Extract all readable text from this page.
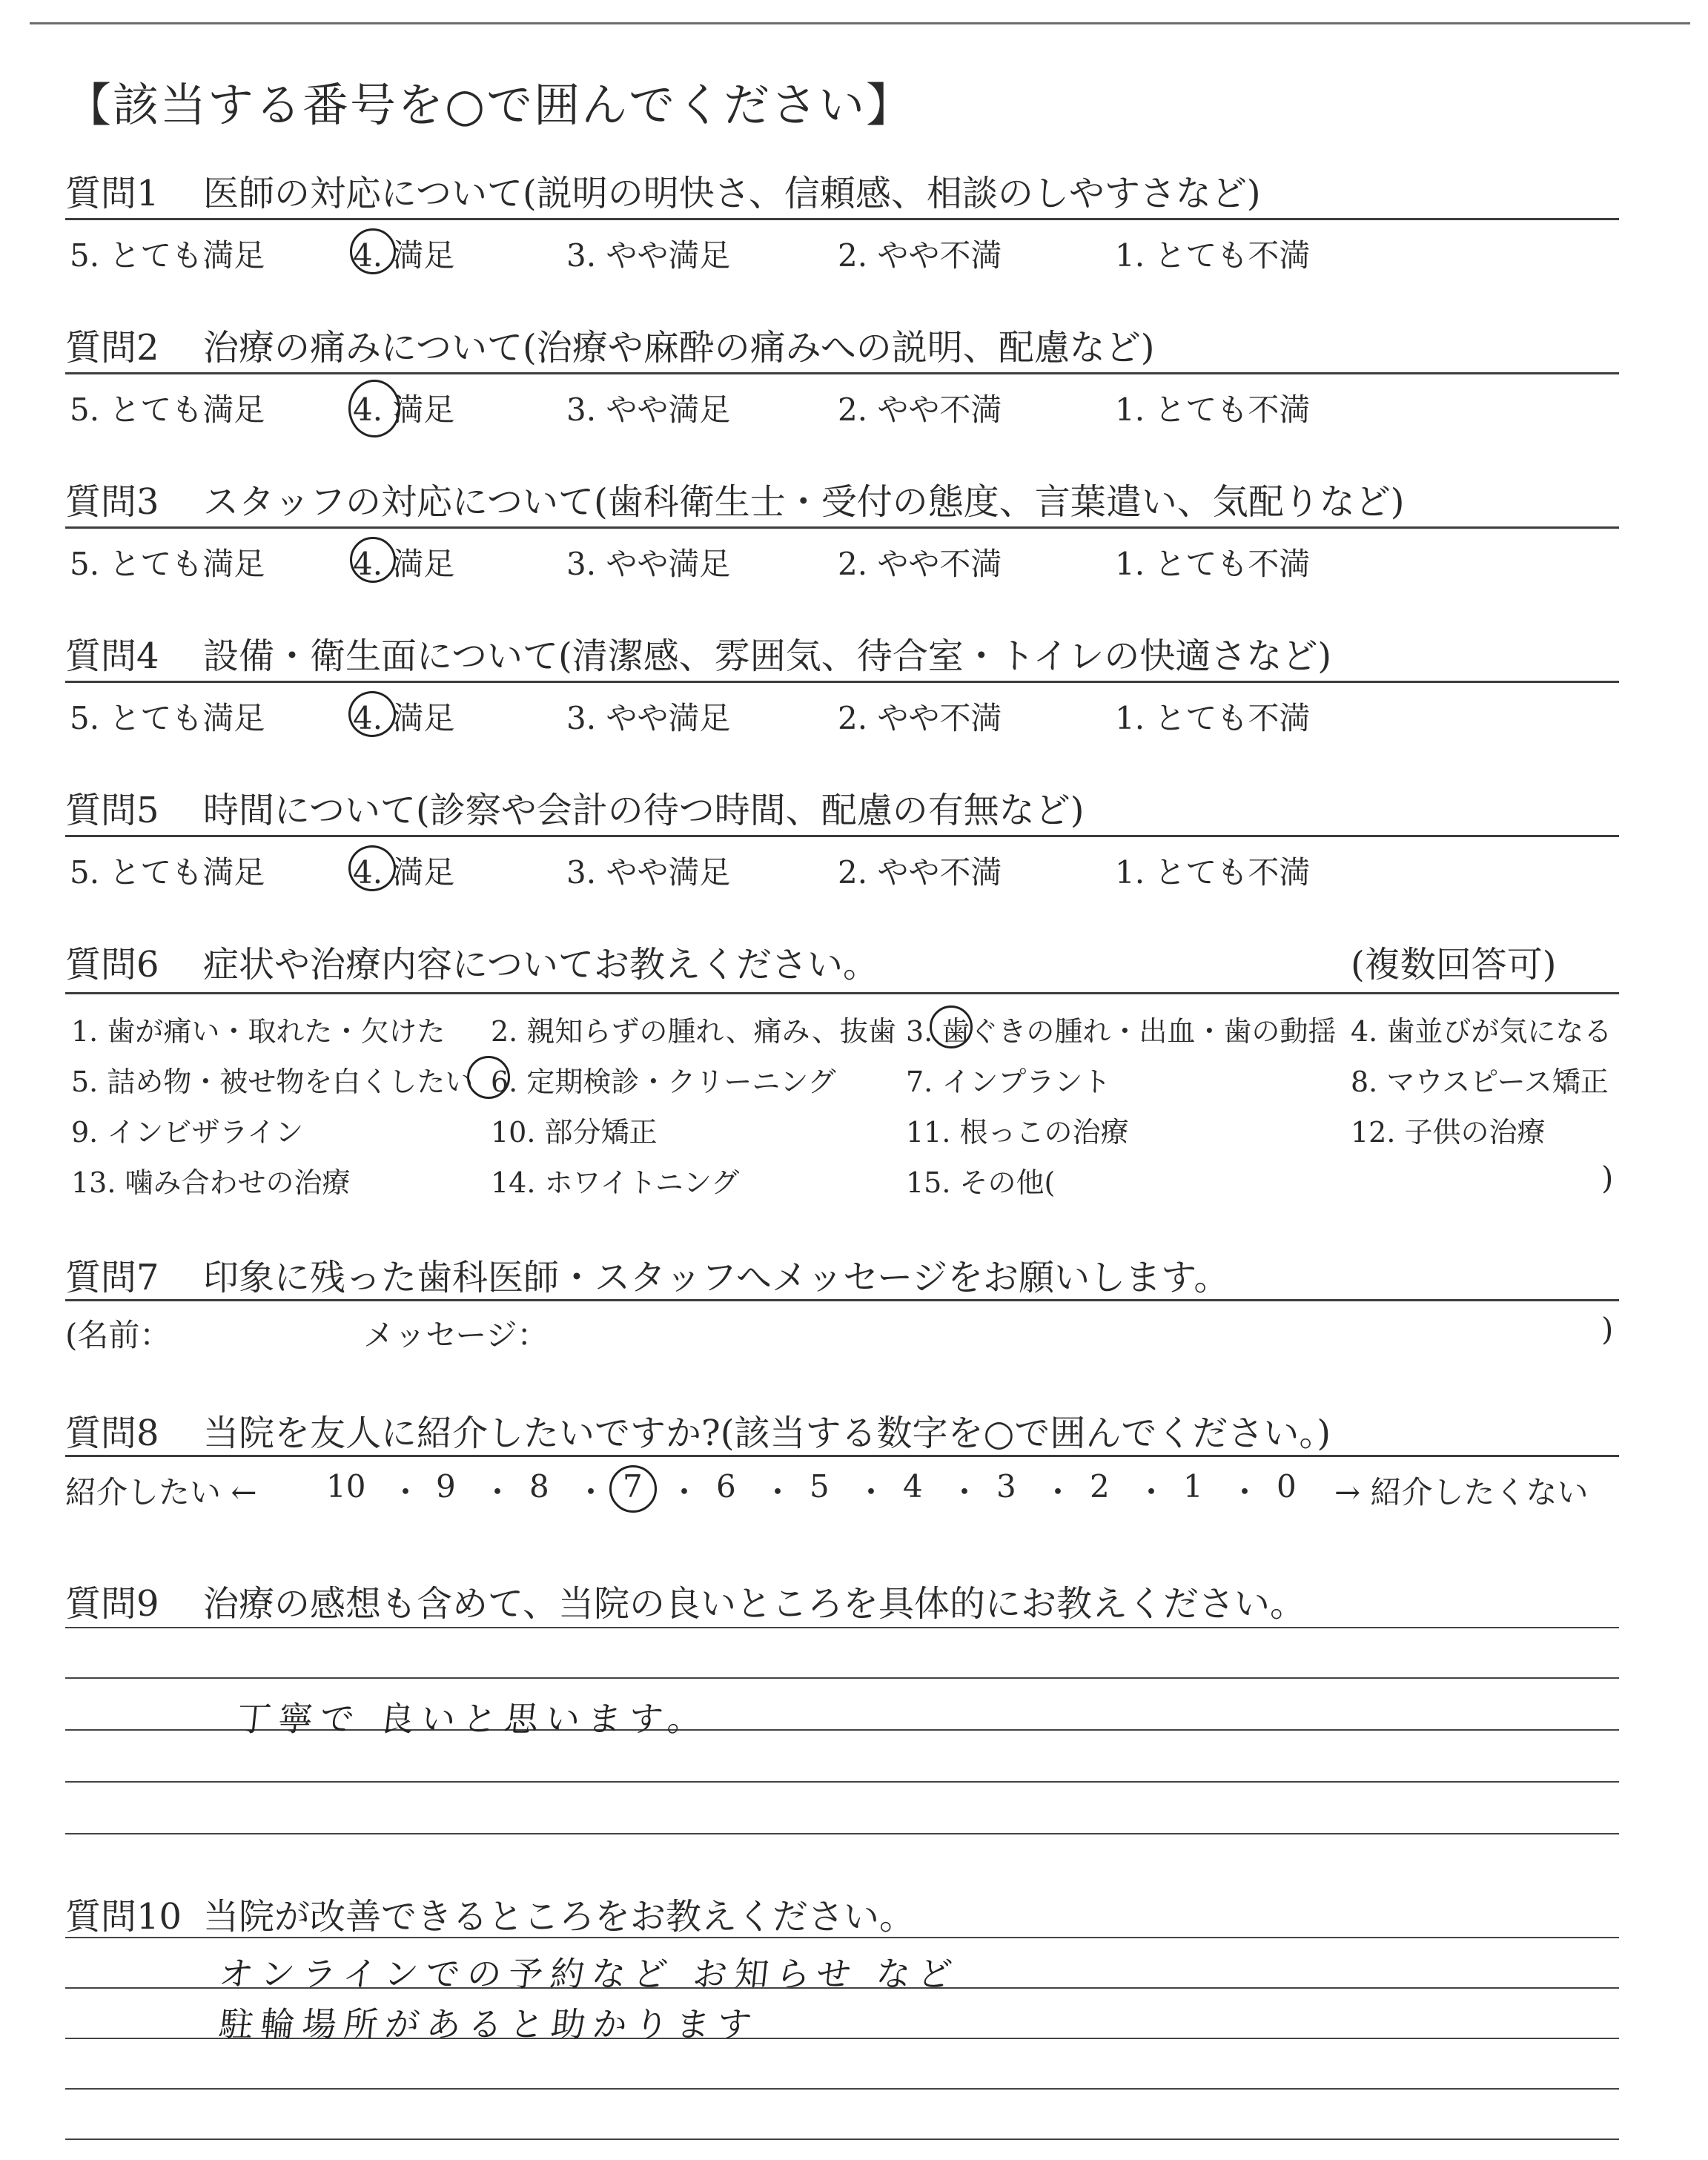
【該当する番号を○で囲んでください】
質問1 医師の対応について(説明の明快さ、信頼感、相談のしやすさなど)
5. とても満足	4. 満足	3. やや満足	2. やや不満	1. とても不満
質問2 治療の痛みについて(治療や麻酔の痛みへの説明、配慮など)
5. とても満足	4. 満足	3. やや満足	2. やや不満	1. とても不満
質問3 スタッフの対応について(歯科衛生士・受付の態度、言葉遣い、気配りなど)
5. とても満足	4. 満足	3. やや満足	2. やや不満	1. とても不満
質問4 設備・衛生面について(清潔感、雰囲気、待合室・トイレの快適さなど)
5. とても満足	4. 満足	3. やや満足	2. やや不満	1. とても不満
質問5 時間について(診察や会計の待つ時間、配慮の有無など)
5. とても満足	4. 満足	3. やや満足	2. やや不満	1. とても不満
質問6 症状や治療内容についてお教えください。	(複数回答可)
1. 歯が痛い・取れた・欠けた 2. 親知らずの腫れ、痛み、抜歯 3. 歯ぐきの腫れ・出血・歯の動揺 4. 歯並びが気になる
5. 詰め物・被せ物を白くしたい 6. 定期検診・クリーニング 7. インプラント	8. マウスピース矯正
9. インビザライン	10. 部分矯正	11. 根っこの治療	12. 子供の治療
13. 噛み合わせの治療	14. ホワイトニング	15. その他(	)
質問7 印象に残った歯科医師・スタッフへメッセージをお願いします。
(名前：	メッセージ：	)
質問8 当院を友人に紹介したいですか?(該当する数字を○で囲んでください。)
紹介したい ← 10 ・ 9 ・ 8 ・ 7 ・ 6 ・ 5 ・ 4 ・ 3 ・ 2 ・ 1 ・ 0 → 紹介したくない
質問9 治療の感想も含めて、当院の良いところを具体的にお教えください。
丁寧で 良いと思います。
質問10 当院が改善できるところをお教えください。
オンラインでの予約など お知らせ など
駐輪場所があると助かります
